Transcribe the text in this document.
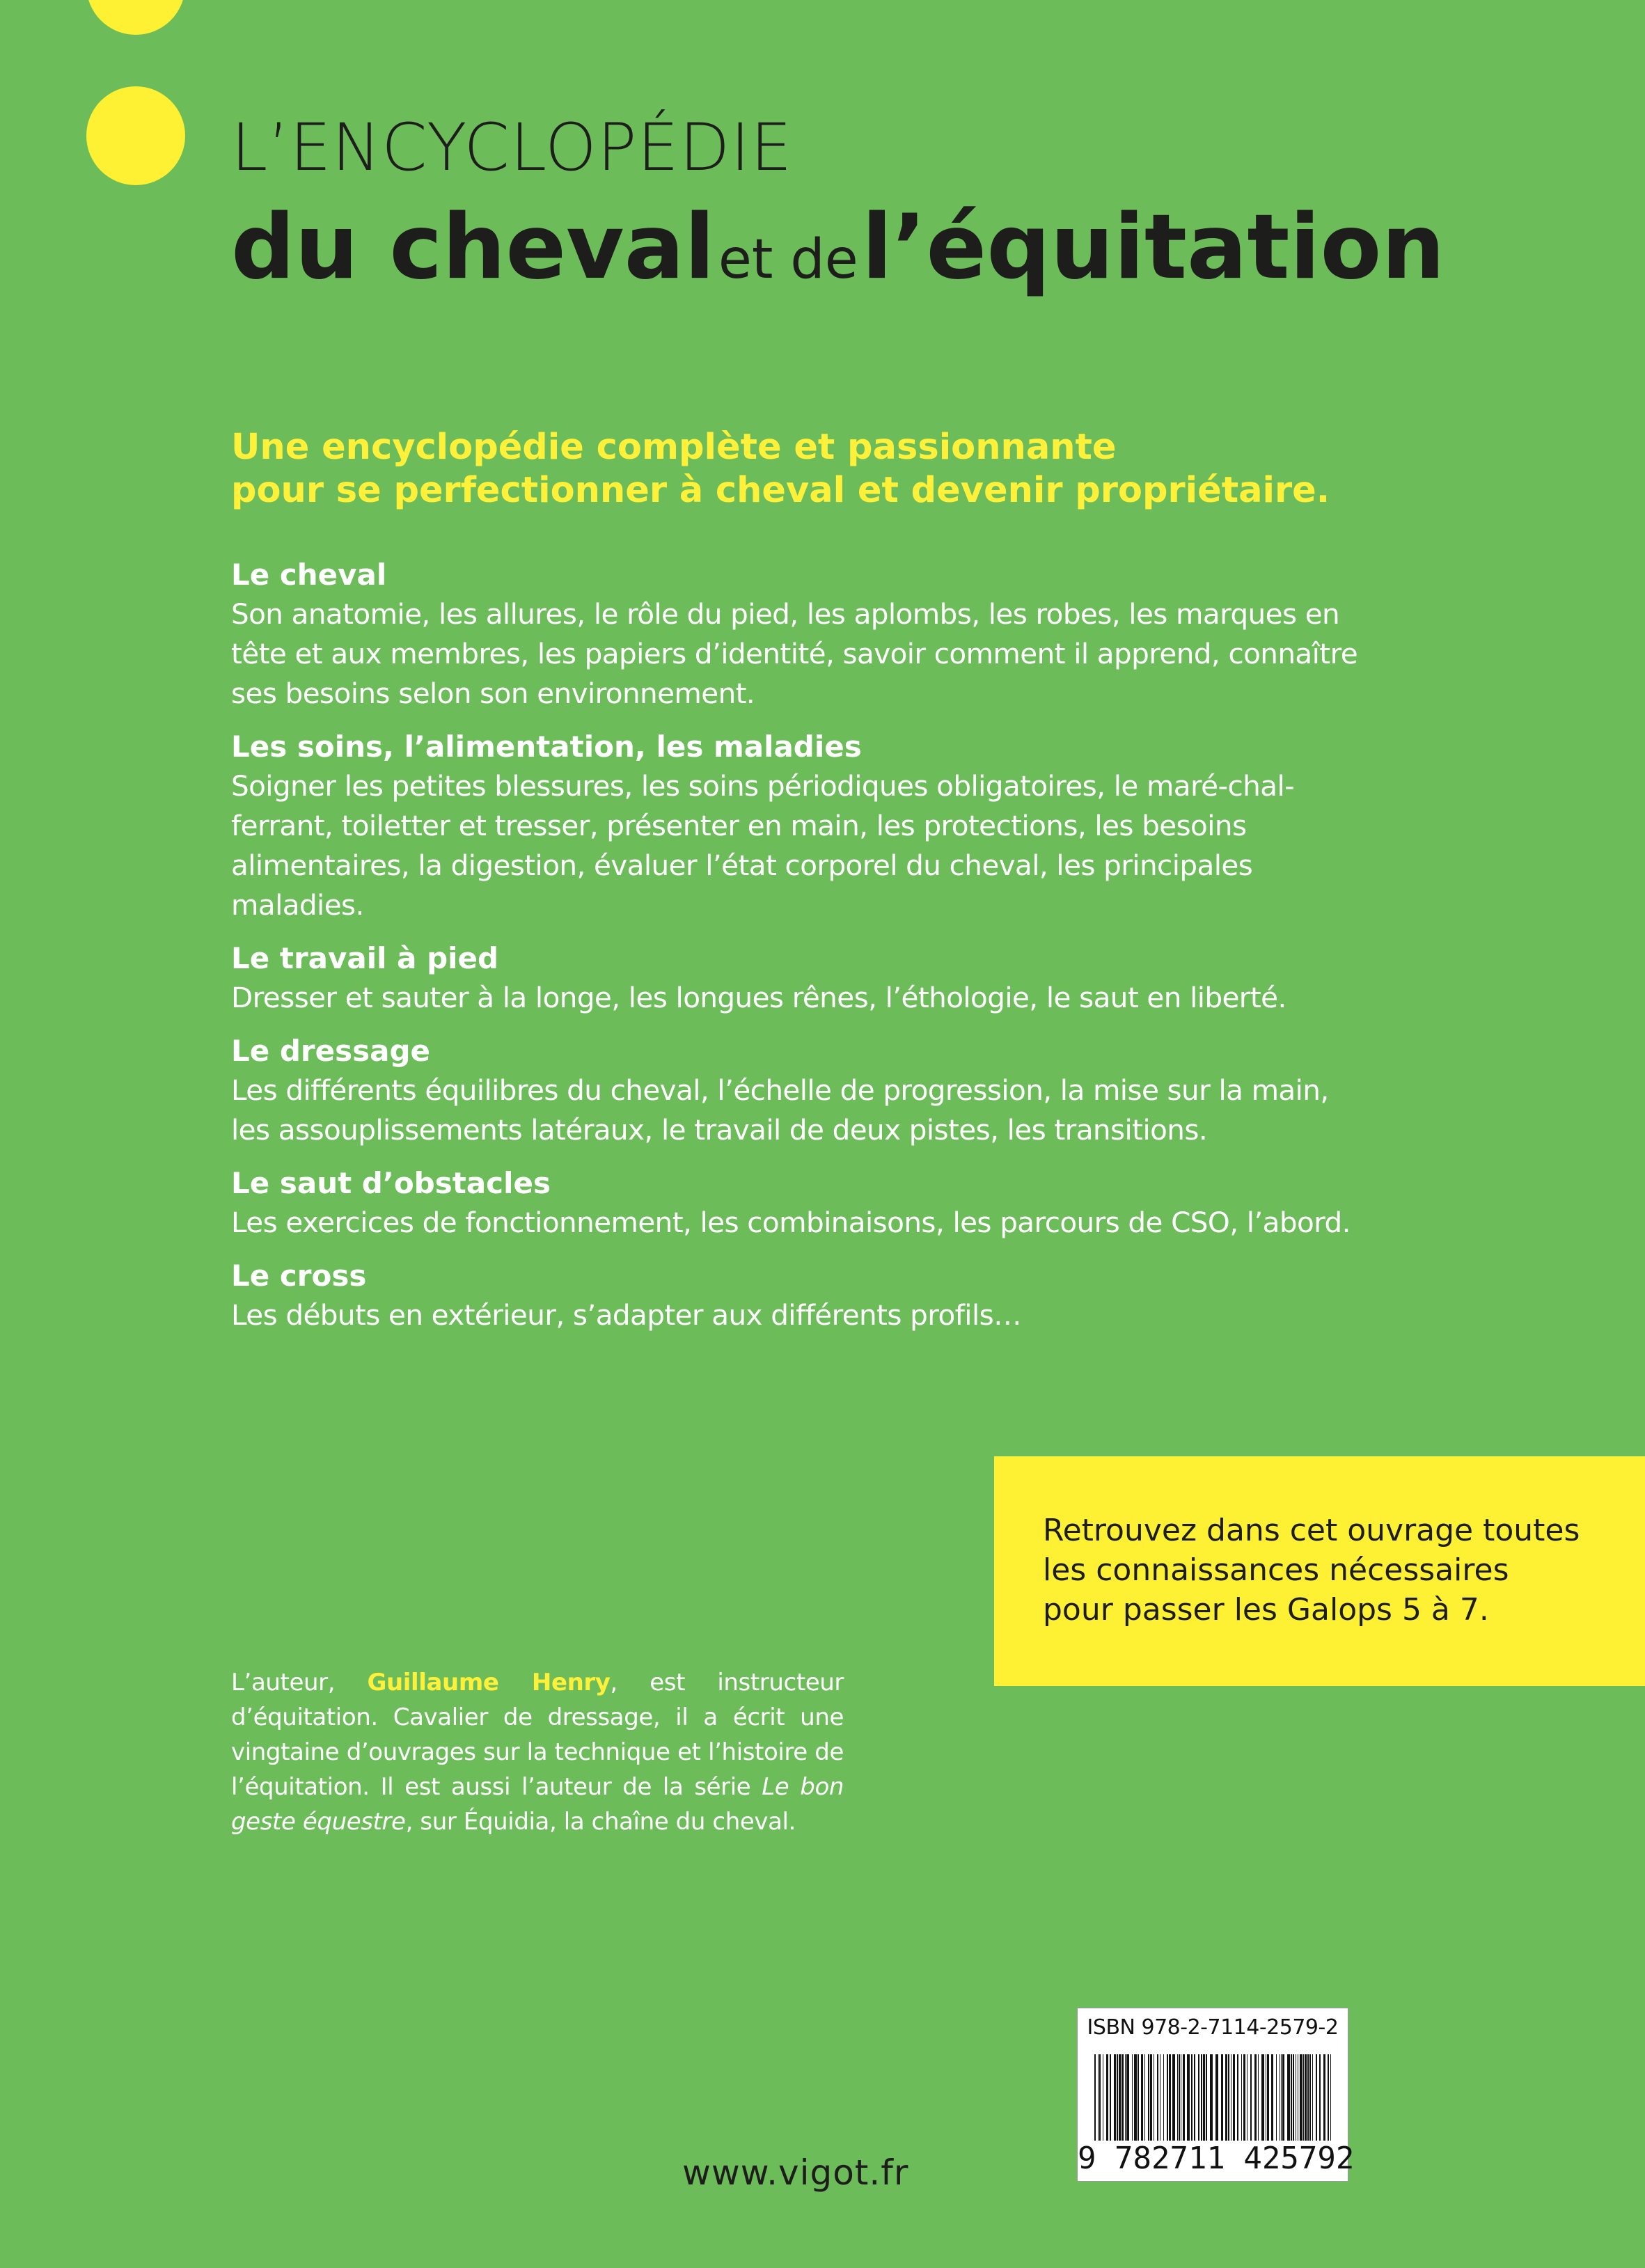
L’ENCYCLOPÉDIE
du cheval et de l’équitation
Une encyclopédie complète et passionnante
pour se perfectionner à cheval et devenir propriétaire.
Le cheval
Son anatomie, les allures, le rôle du pied, les aplombs, les robes, les marques en tête et aux membres, les papiers d’identité, savoir comment il apprend, connaître ses besoins selon son environnement.
Les soins, l’alimentation, les maladies
Soigner les petites blessures, les soins périodiques obligatoires, le maré-chal-ferrant, toiletter et tresser, présenter en main, les protections, les besoins alimentaires, la digestion, évaluer l’état corporel du cheval, les principales maladies.
Le travail à pied
Dresser et sauter à la longe, les longues rênes, l’éthologie, le saut en liberté.
Le dressage
Les différents équilibres du cheval, l’échelle de progression, la mise sur la main, les assouplissements latéraux, le travail de deux pistes, les transitions.
Le saut d’obstacles
Les exercices de fonctionnement, les combinaisons, les parcours de CSO, l’abord.
Le cross
Les débuts en extérieur, s’adapter aux différents profils…
Retrouvez dans cet ouvrage toutes
les connaissances nécessaires
pour passer les Galops 5 à 7.
L’auteur, Guillaume Henry, est instructeur d’équitation. Cavalier de dressage, il a écrit une vingtaine d’ouvrages sur la technique et l’histoire de l’équitation. Il est aussi l’auteur de la série Le bon geste équestre, sur Équidia, la chaîne du cheval.
ISBN 978-2-7114-2579-2
9 782711 425792
www.vigot.fr
